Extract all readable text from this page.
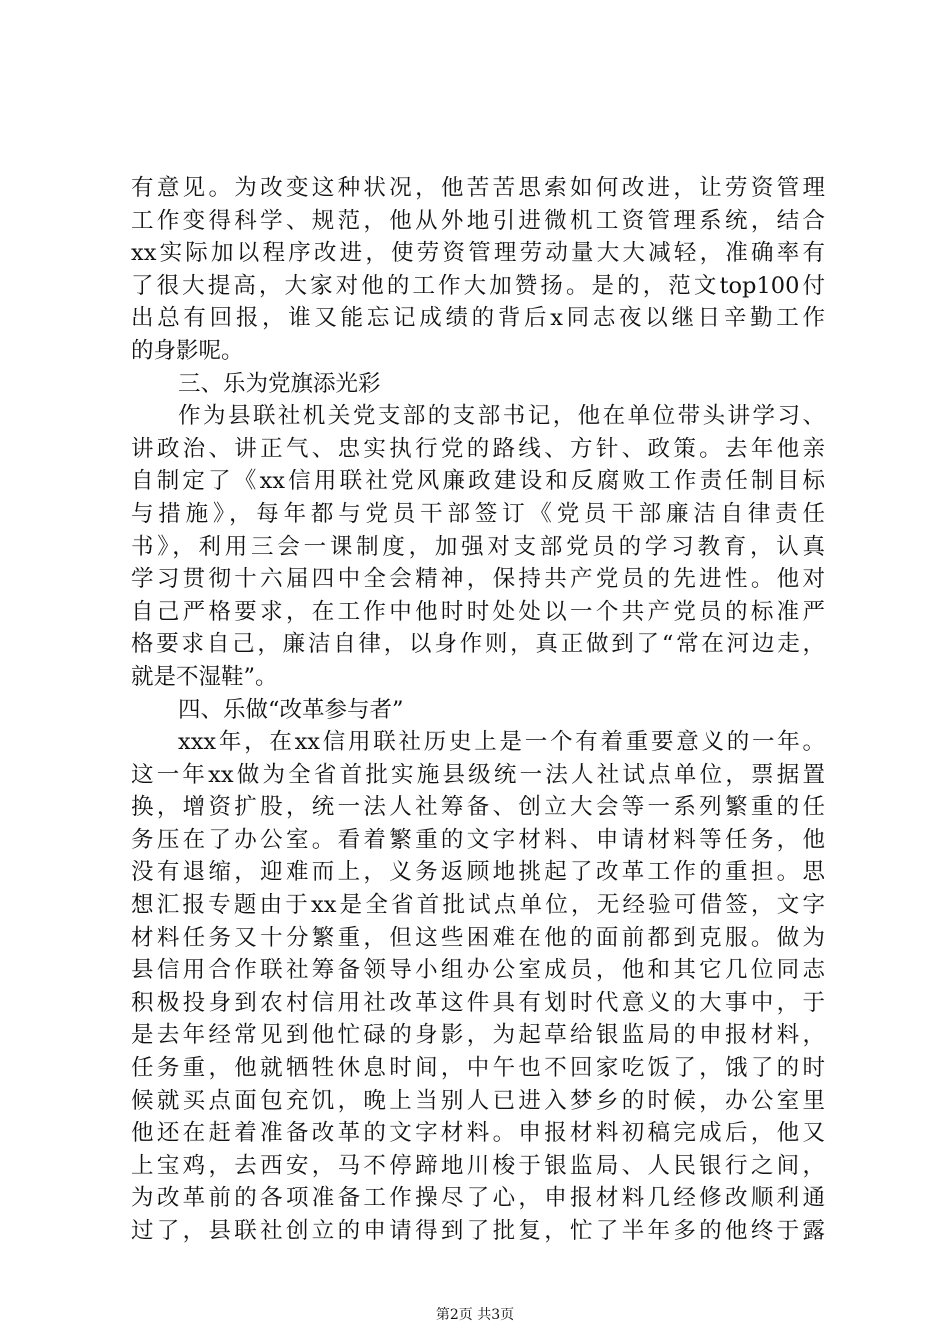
有意见。为改变这种状况，他苦苦思索如何改进，让劳资管理
工作变得科学、规范，他从外地引进微机工资管理系统，结合
xx实际加以程序改进，使劳资管理劳动量大大减轻，准确率有
了很大提高，大家对他的工作大加赞扬。是的，范文top100付
出总有回报，谁又能忘记成绩的背后x同志夜以继日辛勤工作
的身影呢。
三、乐为党旗添光彩
作为县联社机关党支部的支部书记，他在单位带头讲学习、
讲政治、讲正气、忠实执行党的路线、方针、政策。去年他亲
自制定了《xx信用联社党风廉政建设和反腐败工作责任制目标
与措施》，每年都与党员干部签订《党员干部廉洁自律责任
书》，利用三会一课制度，加强对支部党员的学习教育，认真
学习贯彻十六届四中全会精神，保持共产党员的先进性。他对
自己严格要求，在工作中他时时处处以一个共产党员的标准严
格要求自己，廉洁自律，以身作则，真正做到了“常在河边走，
就是不湿鞋”。
四、乐做“改革参与者”
xxx年，在xx信用联社历史上是一个有着重要意义的一年。
这一年xx做为全省首批实施县级统一法人社试点单位，票据置
换，增资扩股，统一法人社筹备、创立大会等一系列繁重的任
务压在了办公室。看着繁重的文字材料、申请材料等任务，他
没有退缩，迎难而上，义务返顾地挑起了改革工作的重担。思
想汇报专题由于xx是全省首批试点单位，无经验可借签，文字
材料任务又十分繁重，但这些困难在他的面前都到克服。做为
县信用合作联社筹备领导小组办公室成员，他和其它几位同志
积极投身到农村信用社改革这件具有划时代意义的大事中，于
是去年经常见到他忙碌的身影，为起草给银监局的申报材料，
任务重，他就牺牲休息时间，中午也不回家吃饭了，饿了的时
候就买点面包充饥，晚上当别人已进入梦乡的时候，办公室里
他还在赶着准备改革的文字材料。申报材料初稿完成后，他又
上宝鸡，去西安，马不停蹄地川梭于银监局、人民银行之间，
为改革前的各项准备工作操尽了心，申报材料几经修改顺利通
过了，县联社创立的申请得到了批复，忙了半年多的他终于露
第2页 共3页
